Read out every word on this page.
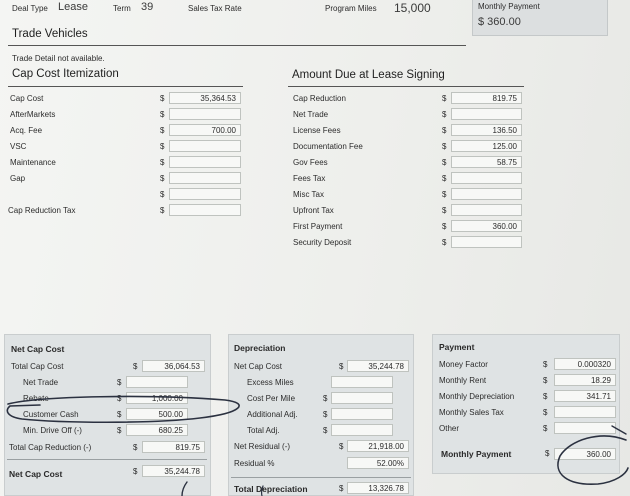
Deal Type Lease	Term 39	Sales Tax Rate	Program Miles 15,000	Monthly Payment
$ 360.00
Trade Vehicles
Trade Detail not available.
Cap Cost Itemization
Cap Cost	$	35,364.53
AfterMarkets	$
Acq. Fee	$	700.00
VSC	$
Maintenance	$
Gap	$
$
Cap Reduction Tax	$
Amount Due at Lease Signing
Cap Reduction	$	819.75
Net Trade	$
License Fees	$	136.50
Documentation Fee	$	125.00
Gov Fees	$	58.75
Fees Tax	$
Misc Tax	$
Upfront Tax	$
First Payment	$	360.00
Security Deposit	$
Net Cap Cost
Total Cap Cost	$	36,064.53
Net Trade	$
Rebate	$	1,000.00
Customer Cash	$	500.00
Min. Drive Off (-)	$	680.25
Total Cap Reduction (-)	$	819.75
Net Cap Cost	$	35,244.78
Depreciation
Net Cap Cost	$	35,244.78
Excess Miles
Cost Per Mile	$
Additional Adj.	$
Total Adj.	$
Net Residual (-)	$	21,918.00
Residual %	52.00%
Total Depreciation	$	13,326.78
Payment
Money Factor	$	0.000320
Monthly Rent	$	18.29
Monthly Depreciation	$	341.71
Monthly Sales Tax	$
Other	$
Monthly Payment	$	360.00
